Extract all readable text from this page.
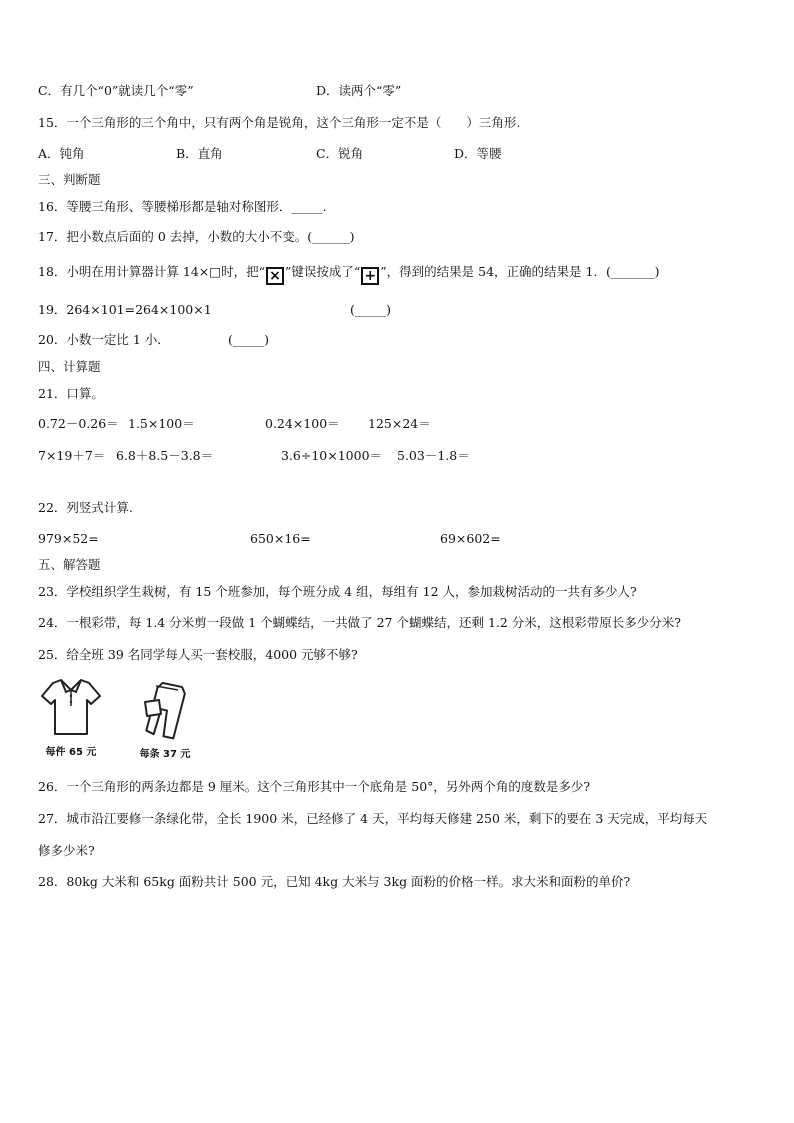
C．有几个“0”就读几个“零”	D．读两个“零”
15．一个三角形的三个角中，只有两个角是锐角，这个三角形一定不是（　　）三角形.
A．钝角	B．直角	C．锐角	D．等腰
三、判断题
16．等腰三角形、等腰梯形都是轴对称图形．_____.
17．把小数点后面的 0 去掉，小数的大小不变。(______)
18．小明在用计算器计算 14×□时，把“ × ”键误按成了“ + ”，得到的结果是 54，正确的结果是 1．(_______)
19．264×101=264×100×1	(_____)
20．小数一定比 1 小．	(_____)
四、计算题
21．口算。
0.72－0.26＝ 1.5×100＝	0.24×100＝ 125×24＝
7×19＋7＝ 6.8＋8.5－3.8＝	3.6÷10×1000＝ 5.03－1.8＝
22．列竖式计算.
979×52=	650×16=	69×602=
五、解答题
23．学校组织学生栽树，有 15 个班参加，每个班分成 4 组，每组有 12 人，参加栽树活动的一共有多少人?
24．一根彩带，每 1.4 分米剪一段做 1 个蝴蝶结，一共做了 27 个蝴蝶结，还剩 1.2 分米，这根彩带原长多少分米?
25．给全班 39 名同学每人买一套校服，4000 元够不够?
每件 65 元	每条 37 元
26．一个三角形的两条边都是 9 厘米。这个三角形其中一个底角是 50°，另外两个角的度数是多少?
27．城市沿江要修一条绿化带，全长 1900 米，已经修了 4 天，平均每天修建 250 米，剩下的要在 3 天完成，平均每天
修多少米?
28．80kg 大米和 65kg 面粉共计 500 元，已知 4kg 大米与 3kg 面粉的价格一样。求大米和面粉的单价?
